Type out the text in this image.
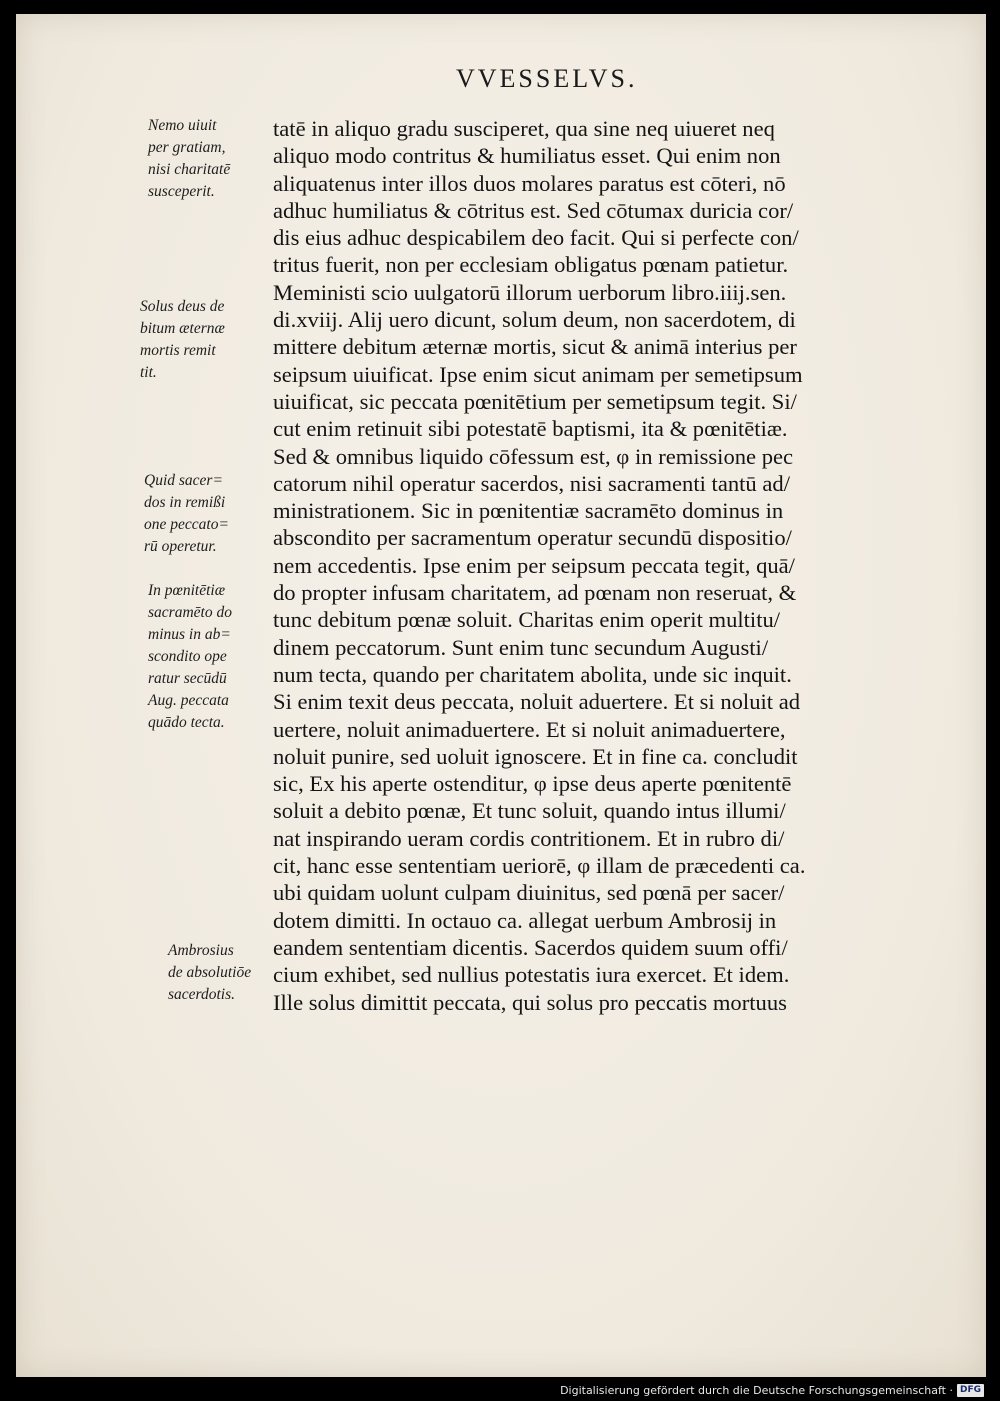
VVESSELVS.

Nemo uiuit
per gratiam,
nisi charitatē
susceperit.

Solus deus de
bitum æternæ
mortis remit
tit.

Quid sacer=
dos in remißi
one peccato=
rū operetur.

In pœnitētiæ
sacramēto do
minus in ab=
scondito ope
ratur secūdū
Aug. peccata
quādo tecta.

Ambrosius
de absolutiōe
sacerdotis.

tatē in aliquo gradu susciperet, qua sine neq uiueret neq
aliquo modo contritus & humiliatus esset. Qui enim non
aliquatenus inter illos duos molares paratus est cōteri, nō
adhuc humiliatus & cōtritus est. Sed cōtumax duricia cor/
dis eius adhuc despicabilem deo facit. Qui si perfecte con/
tritus fuerit, non per ecclesiam obligatus pœnam patietur.
Meministi scio uulgatorū illorum uerborum libro.iiij.sen.
di.xviij. Alij uero dicunt, solum deum, non sacerdotem, di
mittere debitum æternæ mortis, sicut & animā interius per
seipsum uiuificat. Ipse enim sicut animam per semetipsum
uiuificat, sic peccata pœnitētium per semetipsum tegit. Si/
cut enim retinuit sibi potestatē baptismi, ita & pœnitētiæ.
Sed & omnibus liquido cōfessum est, φ in remissione pec
catorum nihil operatur sacerdos, nisi sacramenti tantū ad/
ministrationem. Sic in pœnitentiæ sacramēto dominus in
abscondito per sacramentum operatur secundū dispositio/
nem accedentis. Ipse enim per seipsum peccata tegit, quā/
do propter infusam charitatem, ad pœnam non reseruat, &
tunc debitum pœnæ soluit. Charitas enim operit multitu/
dinem peccatorum. Sunt enim tunc secundum Augusti/
num tecta, quando per charitatem abolita, unde sic inquit.
Si enim texit deus peccata, noluit aduertere. Et si noluit ad
uertere, noluit animaduertere. Et si noluit animaduertere,
noluit punire, sed uoluit ignoscere. Et in fine ca. concludit
sic, Ex his aperte ostenditur, φ ipse deus aperte pœnitentē
soluit a debito pœnæ, Et tunc soluit, quando intus illumi/
nat inspirando ueram cordis contritionem. Et in rubro di/
cit, hanc esse sententiam ueriorē, φ illam de præcedenti ca.
ubi quidam uolunt culpam diuinitus, sed pœnā per sacer/
dotem dimitti. In octauo ca. allegat uerbum Ambrosij in
eandem sententiam dicentis. Sacerdos quidem suum offi/
cium exhibet, sed nullius potestatis iura exercet. Et idem.
Ille solus dimittit peccata, qui solus pro peccatis mortuus
Digitalisierung gefördert durch die Deutsche Forschungsgemeinschaft · DFG
